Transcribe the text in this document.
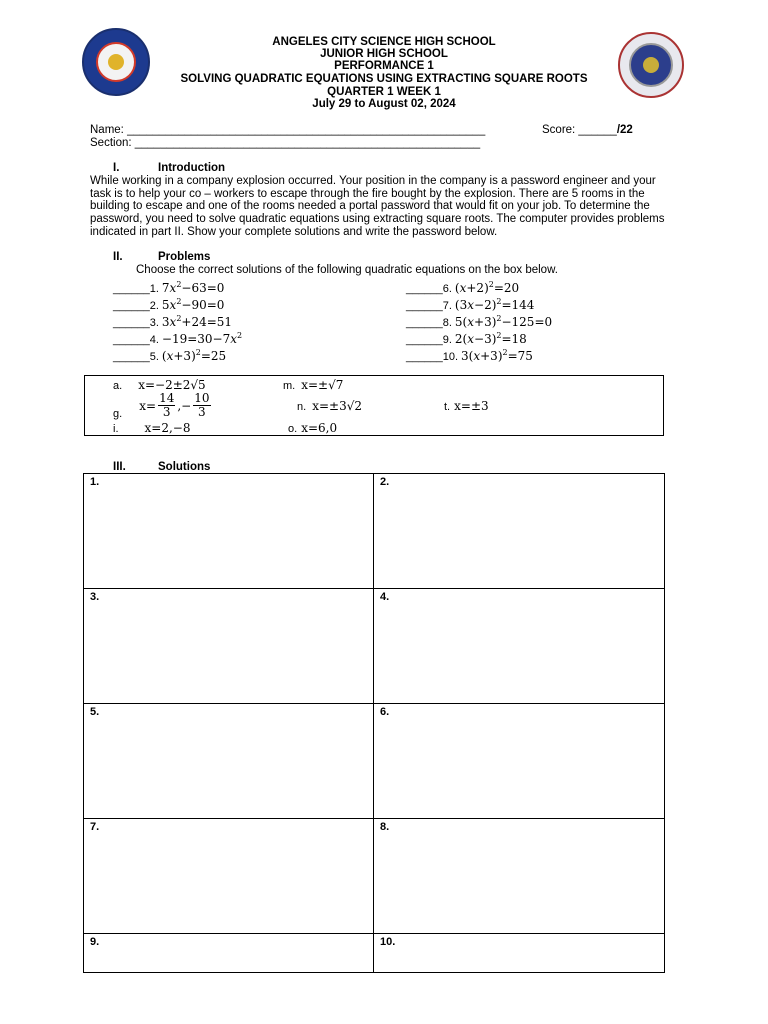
ANGELES CITY SCIENCE HIGH SCHOOL
JUNIOR HIGH SCHOOL
PERFORMANCE 1
SOLVING QUADRATIC EQUATIONS USING EXTRACTING SQUARE ROOTS
QUARTER 1 WEEK 1
July 29 to August 02, 2024
Name: ________________________________________________________
Section: ______________________________________________________
Score: ______/22
I.	Introduction
While working in a company explosion occurred. Your position in the company is a password engineer and your task is to help your co – workers to escape through the fire bought by the explosion. There are 5 rooms in the building to escape and one of the rooms needed a portal password that would fit on your job. To determine the password, you need to solve quadratic equations using extracting square roots. The computer provides problems indicated in part II. Show your complete solutions and write the password below.
II.	Problems
Choose the correct solutions of the following quadratic equations on the box below.
______1. $7x^2-63=0$
______2. $5x^2-90=0$
______3. $3x^2+24=51$
______4. $-19=30-7x^2$
______5. $(x+3)^2=25$
______6. $(x+2)^2=20$
______7. $(3x-2)^2=144$
______8. $5(x+3)^2-125=0$
______9. $2(x-3)^2=18$
______10. $3(x+3)^2=75$
a. x=−2±2√5	m. x=±√7
g.
$x= \frac{14}{3}$ ,− $\frac{10}{3}$	n. x=±3√2	t. x=±3
i. x=2,−8	o. x=6,0
III.	Solutions
1.	2.
3.	4.
5.	6.
7.	8.
9.	10.
